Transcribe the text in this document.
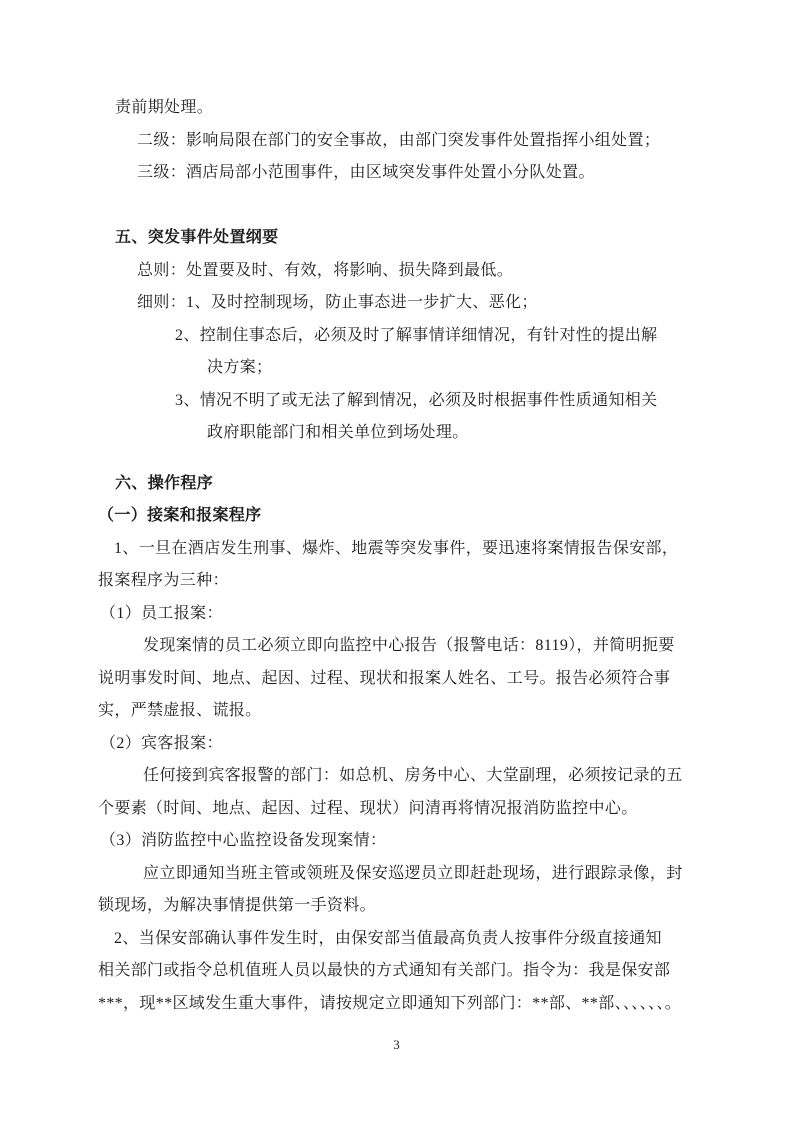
责前期处理。
二级：影响局限在部门的安全事故，由部门突发事件处置指挥小组处置；
三级：酒店局部小范围事件，由区域突发事件处置小分队处置。
五、突发事件处置纲要
总则：处置要及时、有效，将影响、损失降到最低。
细则：1、及时控制现场，防止事态进一步扩大、恶化；
2、控制住事态后，必须及时了解事情详细情况，有针对性的提出解
决方案；
3、情况不明了或无法了解到情况，必须及时根据事件性质通知相关
政府职能部门和相关单位到场处理。
六、操作程序
（一）接案和报案程序
1、一旦在酒店发生刑事、爆炸、地震等突发事件，要迅速将案情报告保安部，
报案程序为三种：
（1）员工报案：
发现案情的员工必须立即向监控中心报告（报警电话：8119），并简明扼要
说明事发时间、地点、起因、过程、现状和报案人姓名、工号。报告必须符合事
实，严禁虚报、谎报。
（2）宾客报案：
任何接到宾客报警的部门：如总机、房务中心、大堂副理，必须按记录的五
个要素（时间、地点、起因、过程、现状）问清再将情况报消防监控中心。
（3）消防监控中心监控设备发现案情：
应立即通知当班主管或领班及保安巡逻员立即赶赴现场，进行跟踪录像，封
锁现场，为解决事情提供第一手资料。
2、当保安部确认事件发生时，由保安部当值最高负责人按事件分级直接通知
相关部门或指令总机值班人员以最快的方式通知有关部门。指令为：我是保安部
***，现**区域发生重大事件，请按规定立即通知下列部门：**部、**部、、、、、、。
3
